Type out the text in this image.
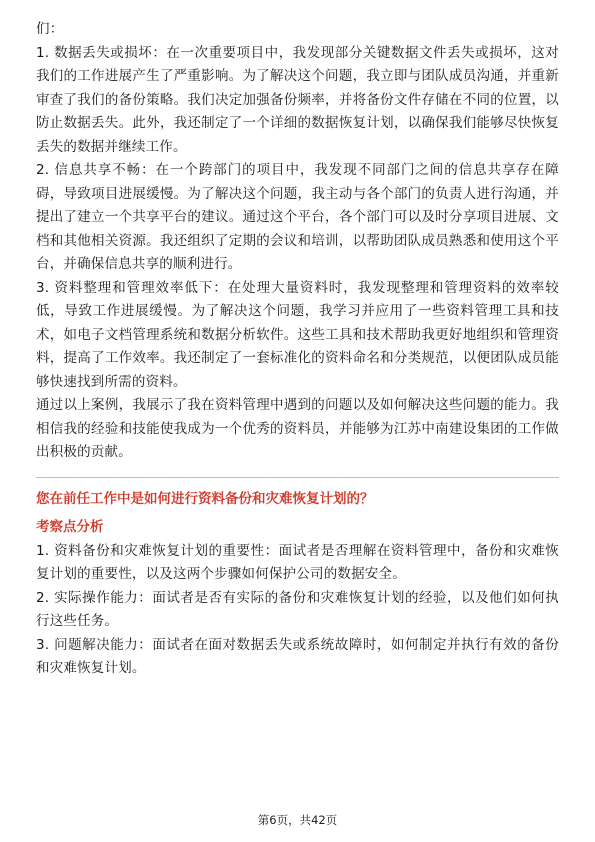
们：

1. 数据丢失或损坏：在一次重要项目中，我发现部分关键数据文件丢失或损坏，这对我们的工作进展产生了严重影响。为了解决这个问题，我立即与团队成员沟通，并重新审查了我们的备份策略。我们决定加强备份频率，并将备份文件存储在不同的位置，以防止数据丢失。此外，我还制定了一个详细的数据恢复计划，以确保我们能够尽快恢复丢失的数据并继续工作。

2. 信息共享不畅：在一个跨部门的项目中，我发现不同部门之间的信息共享存在障碍，导致项目进展缓慢。为了解决这个问题，我主动与各个部门的负责人进行沟通，并提出了建立一个共享平台的建议。通过这个平台，各个部门可以及时分享项目进展、文档和其他相关资源。我还组织了定期的会议和培训，以帮助团队成员熟悉和使用这个平台，并确保信息共享的顺利进行。

3. 资料整理和管理效率低下：在处理大量资料时，我发现整理和管理资料的效率较低，导致工作进展缓慢。为了解决这个问题，我学习并应用了一些资料管理工具和技术，如电子文档管理系统和数据分析软件。这些工具和技术帮助我更好地组织和管理资料，提高了工作效率。我还制定了一套标准化的资料命名和分类规范，以便团队成员能够快速找到所需的资料。

通过以上案例，我展示了我在资料管理中遇到的问题以及如何解决这些问题的能力。我相信我的经验和技能使我成为一个优秀的资料员，并能够为江苏中南建设集团的工作做出积极的贡献。

您在前任工作中是如何进行资料备份和灾难恢复计划的？

考察点分析

1. 资料备份和灾难恢复计划的重要性：面试者是否理解在资料管理中，备份和灾难恢复计划的重要性，以及这两个步骤如何保护公司的数据安全。

2. 实际操作能力：面试者是否有实际的备份和灾难恢复计划的经验，以及他们如何执行这些任务。

3. 问题解决能力：面试者在面对数据丢失或系统故障时，如何制定并执行有效的备份和灾难恢复计划。

第6页，共42页
